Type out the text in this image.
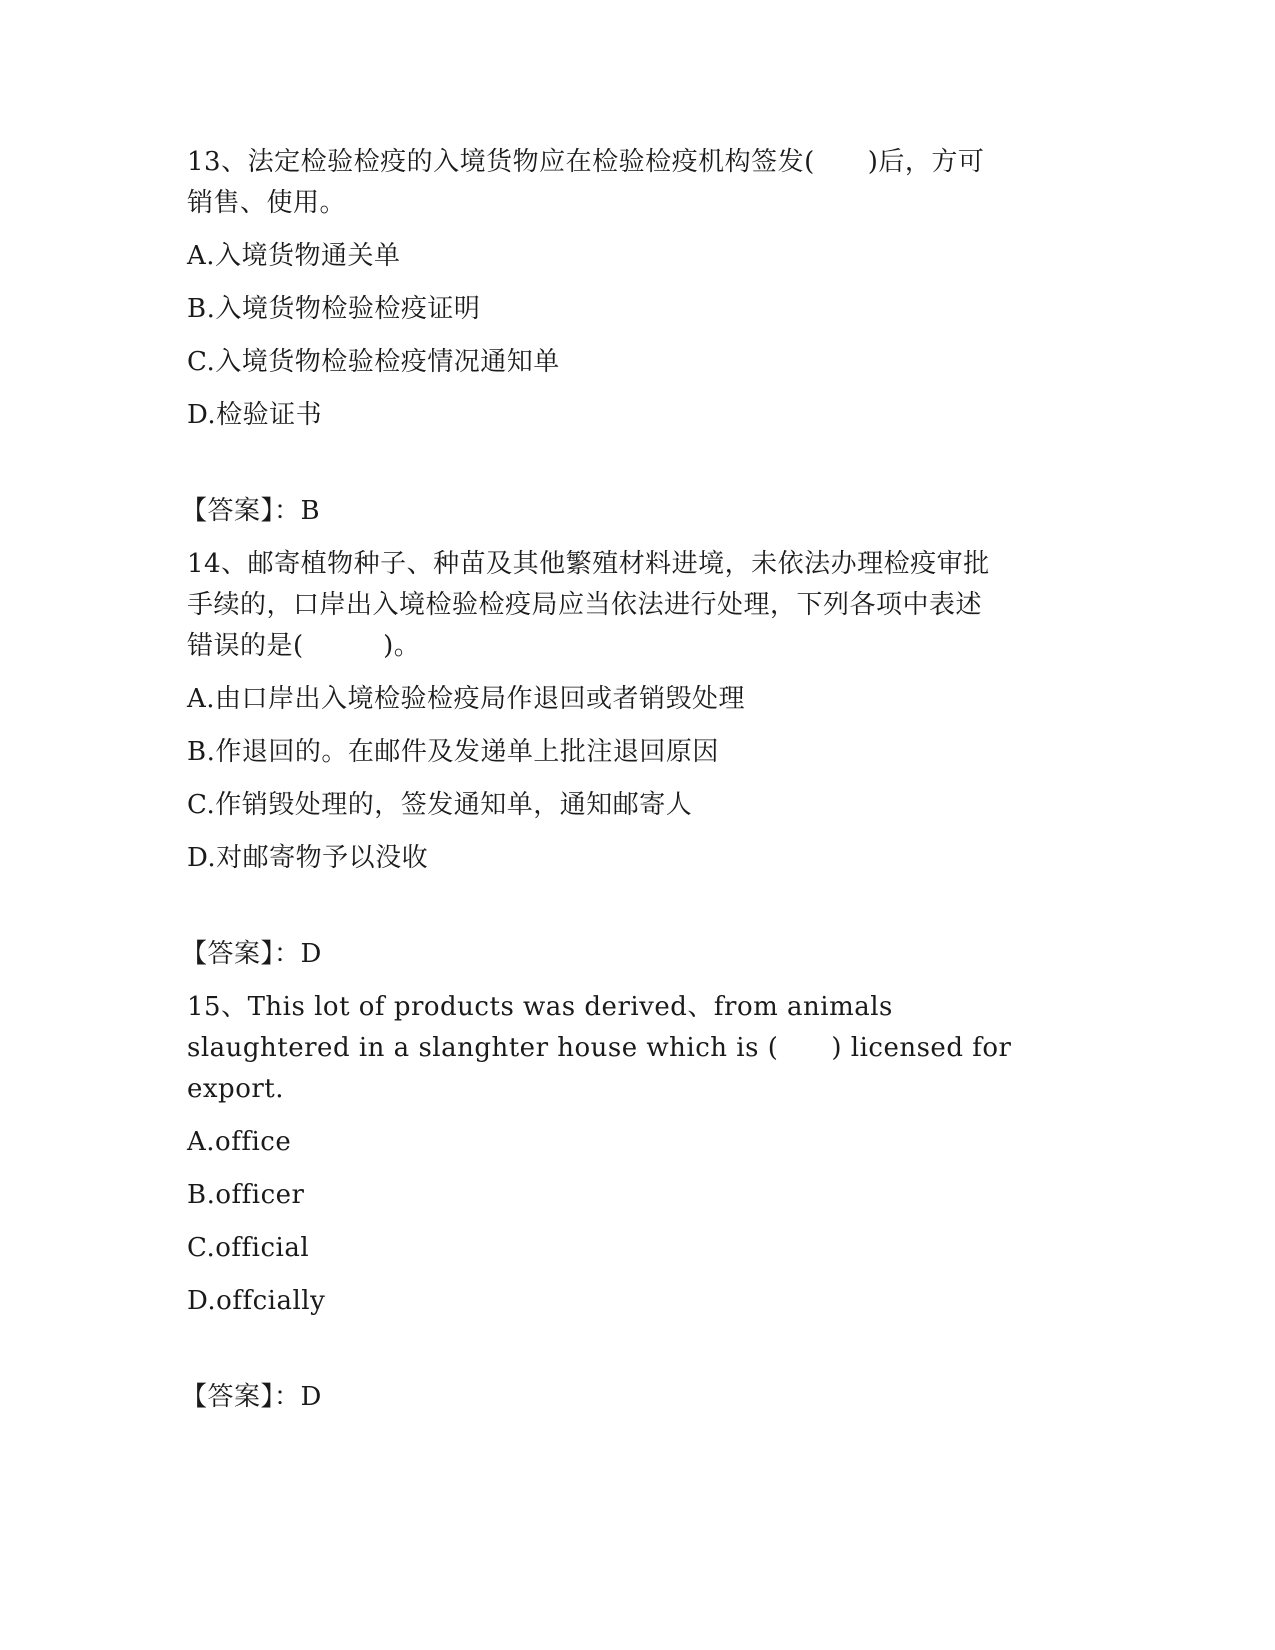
13、法定检验检疫的入境货物应在检验检疫机构签发(　　)后，方可
销售、使用。
A.入境货物通关单
B.入境货物检验检疫证明
C.入境货物检验检疫情况通知单
D.检验证书
【答案】：B
14、邮寄植物种子、种苗及其他繁殖材料进境，未依法办理检疫审批
手续的，口岸出入境检验检疫局应当依法进行处理，下列各项中表述
错误的是(　　　)。
A.由口岸出入境检验检疫局作退回或者销毁处理
B.作退回的。在邮件及发递单上批注退回原因
C.作销毁处理的，签发通知单，通知邮寄人
D.对邮寄物予以没收
【答案】：D
15、This lot of products was derived、from animals
slaughtered in a slanghter house which is (　　) licensed for
export.
A.office
B.officer
C.official
D.offcially
【答案】：D
